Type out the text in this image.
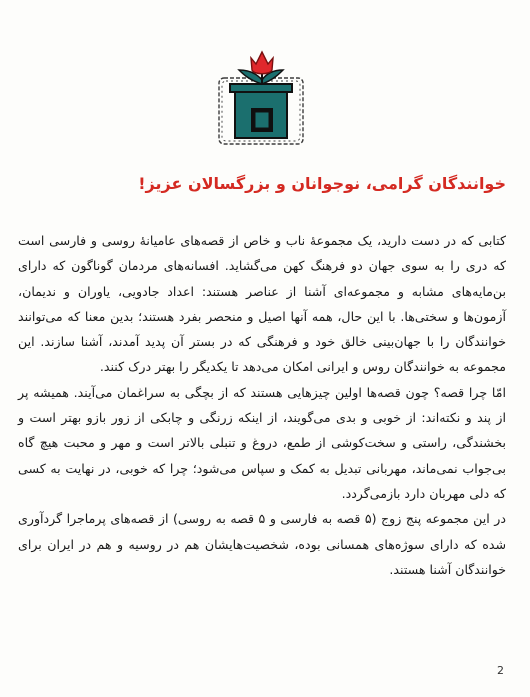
خوانندگان گرامی، نوجوانان و بزرگسالان عزیز!

کتابی که در دست دارید، یک مجموعهٔ ناب و خاص از قصه‌های عامیانهٔ روسی و فارسی است که دری را به سوی جهان دو فرهنگ کهن می‌گشاید. افسانه‌های مردمان گوناگون که دارای بن‌مایه‌های مشابه و مجموعه‌ای آشنا از عناصر هستند: اعداد جادویی، یاوران و ندیمان، آزمون‌ها و سختی‌ها. با این حال، همه آنها اصیل و منحصر بفرد هستند؛ بدین معنا که می‌توانند خوانندگان را با جهان‌بینی خالق خود و فرهنگی که در بستر آن پدید آمدند، آشنا سازند. این مجموعه به خوانندگان روس و ایرانی امکان می‌دهد تا یکدیگر را بهتر درک کنند.

امّا چرا قصه؟ چون قصه‌ها اولین چیزهایی هستند که از بچگی به سراغمان می‌آیند. همیشه پر از پند و نکته‌اند: از خوبی و بدی می‌گویند، از اینکه زرنگی و چابکی از زور بازو بهتر است و بخشندگی، راستی و سخت‌کوشی از طمع، دروغ و تنبلی بالاتر است و مهر و محبت هیچ گاه بی‌جواب نمی‌ماند، مهربانی تبدیل به کمک و سپاس می‌شود؛ چرا که خوبی، در نهایت به کسی که دلی مهربان دارد بازمی‌گردد.

در این مجموعه پنج زوج (۵ قصه به فارسی و ۵ قصه به روسی) از قصه‌های پرماجرا گردآوری شده که دارای سوژه‌های همسانی بوده، شخصیت‌هایشان هم در روسیه و هم در ایران برای خوانندگان آشنا هستند.

2
